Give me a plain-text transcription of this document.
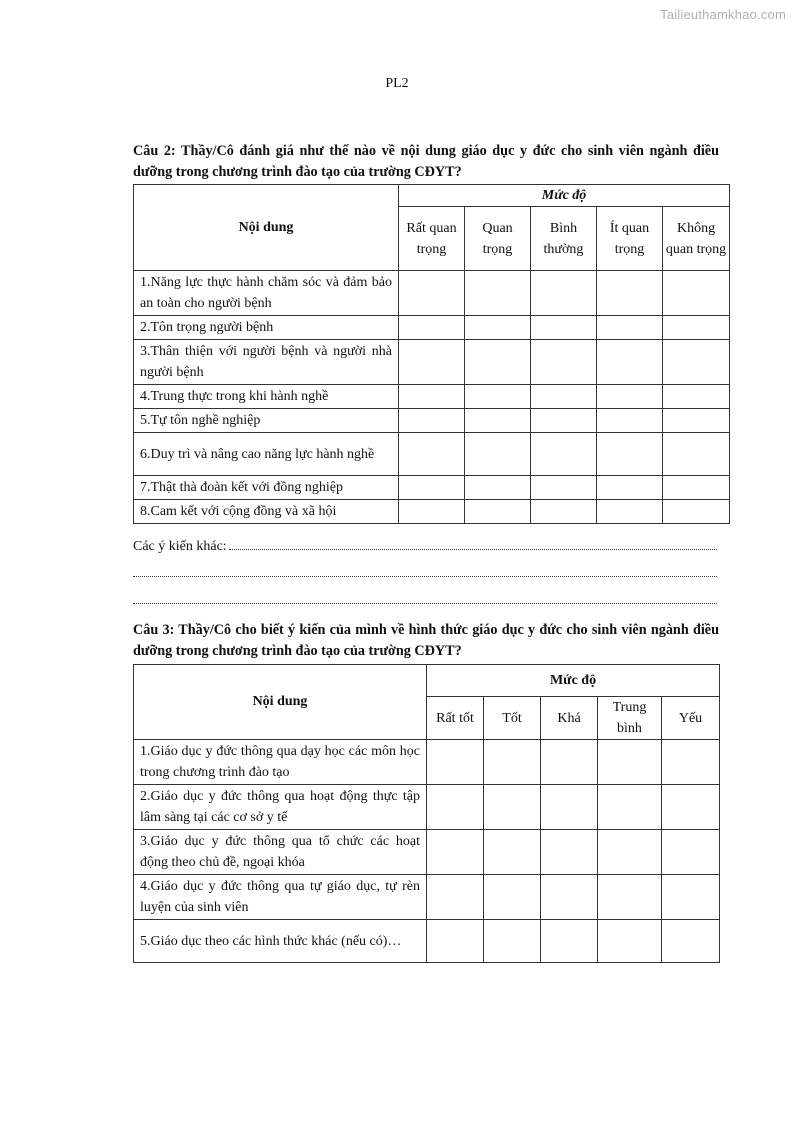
Tailieuthamkhao.com
PL2
Câu 2: Thầy/Cô đánh giá như thế nào về nội dung giáo dục y đức cho sinh viên ngành điều dưỡng trong chương trình đào tạo của trường CĐYT?
Nội dung	Mức độ				
	Rất quan trọng	Quan trọng	Bình thường	Ít quan trọng	Không quan trọng
1.Năng lực thực hành chăm sóc và đảm bảo an toàn cho người bệnh					
2.Tôn trọng người bệnh					
3.Thân thiện với người bệnh và người nhà người bệnh					
4.Trung thực trong khi hành nghề					
5.Tự tôn nghề nghiệp					
6.Duy trì và nâng cao năng lực hành nghề					
7.Thật thà đoàn kết với đồng nghiệp					
8.Cam kết với cộng đồng và xã hội					
Các ý kiến khác:
Câu 3: Thầy/Cô cho biết ý kiến của mình về hình thức giáo dục y đức cho sinh viên ngành điều dưỡng trong chương trình đào tạo của trường CĐYT?
Nội dung	Mức độ				
	Rất tốt	Tốt	Khá	Trung bình	Yếu
1.Giáo dục y đức thông qua dạy học các môn học trong chương trình đào tạo					
2.Giáo dục y đức thông qua hoạt động thực tập lâm sàng tại các cơ sở y tế					
3.Giáo dục y đức thông qua tổ chức các hoạt động theo chủ đề, ngoại khóa					
4.Giáo dục y đức thông qua tự giáo dục, tự rèn luyện của sinh viên					
5.Giáo dục theo các hình thức khác (nếu có)…					
